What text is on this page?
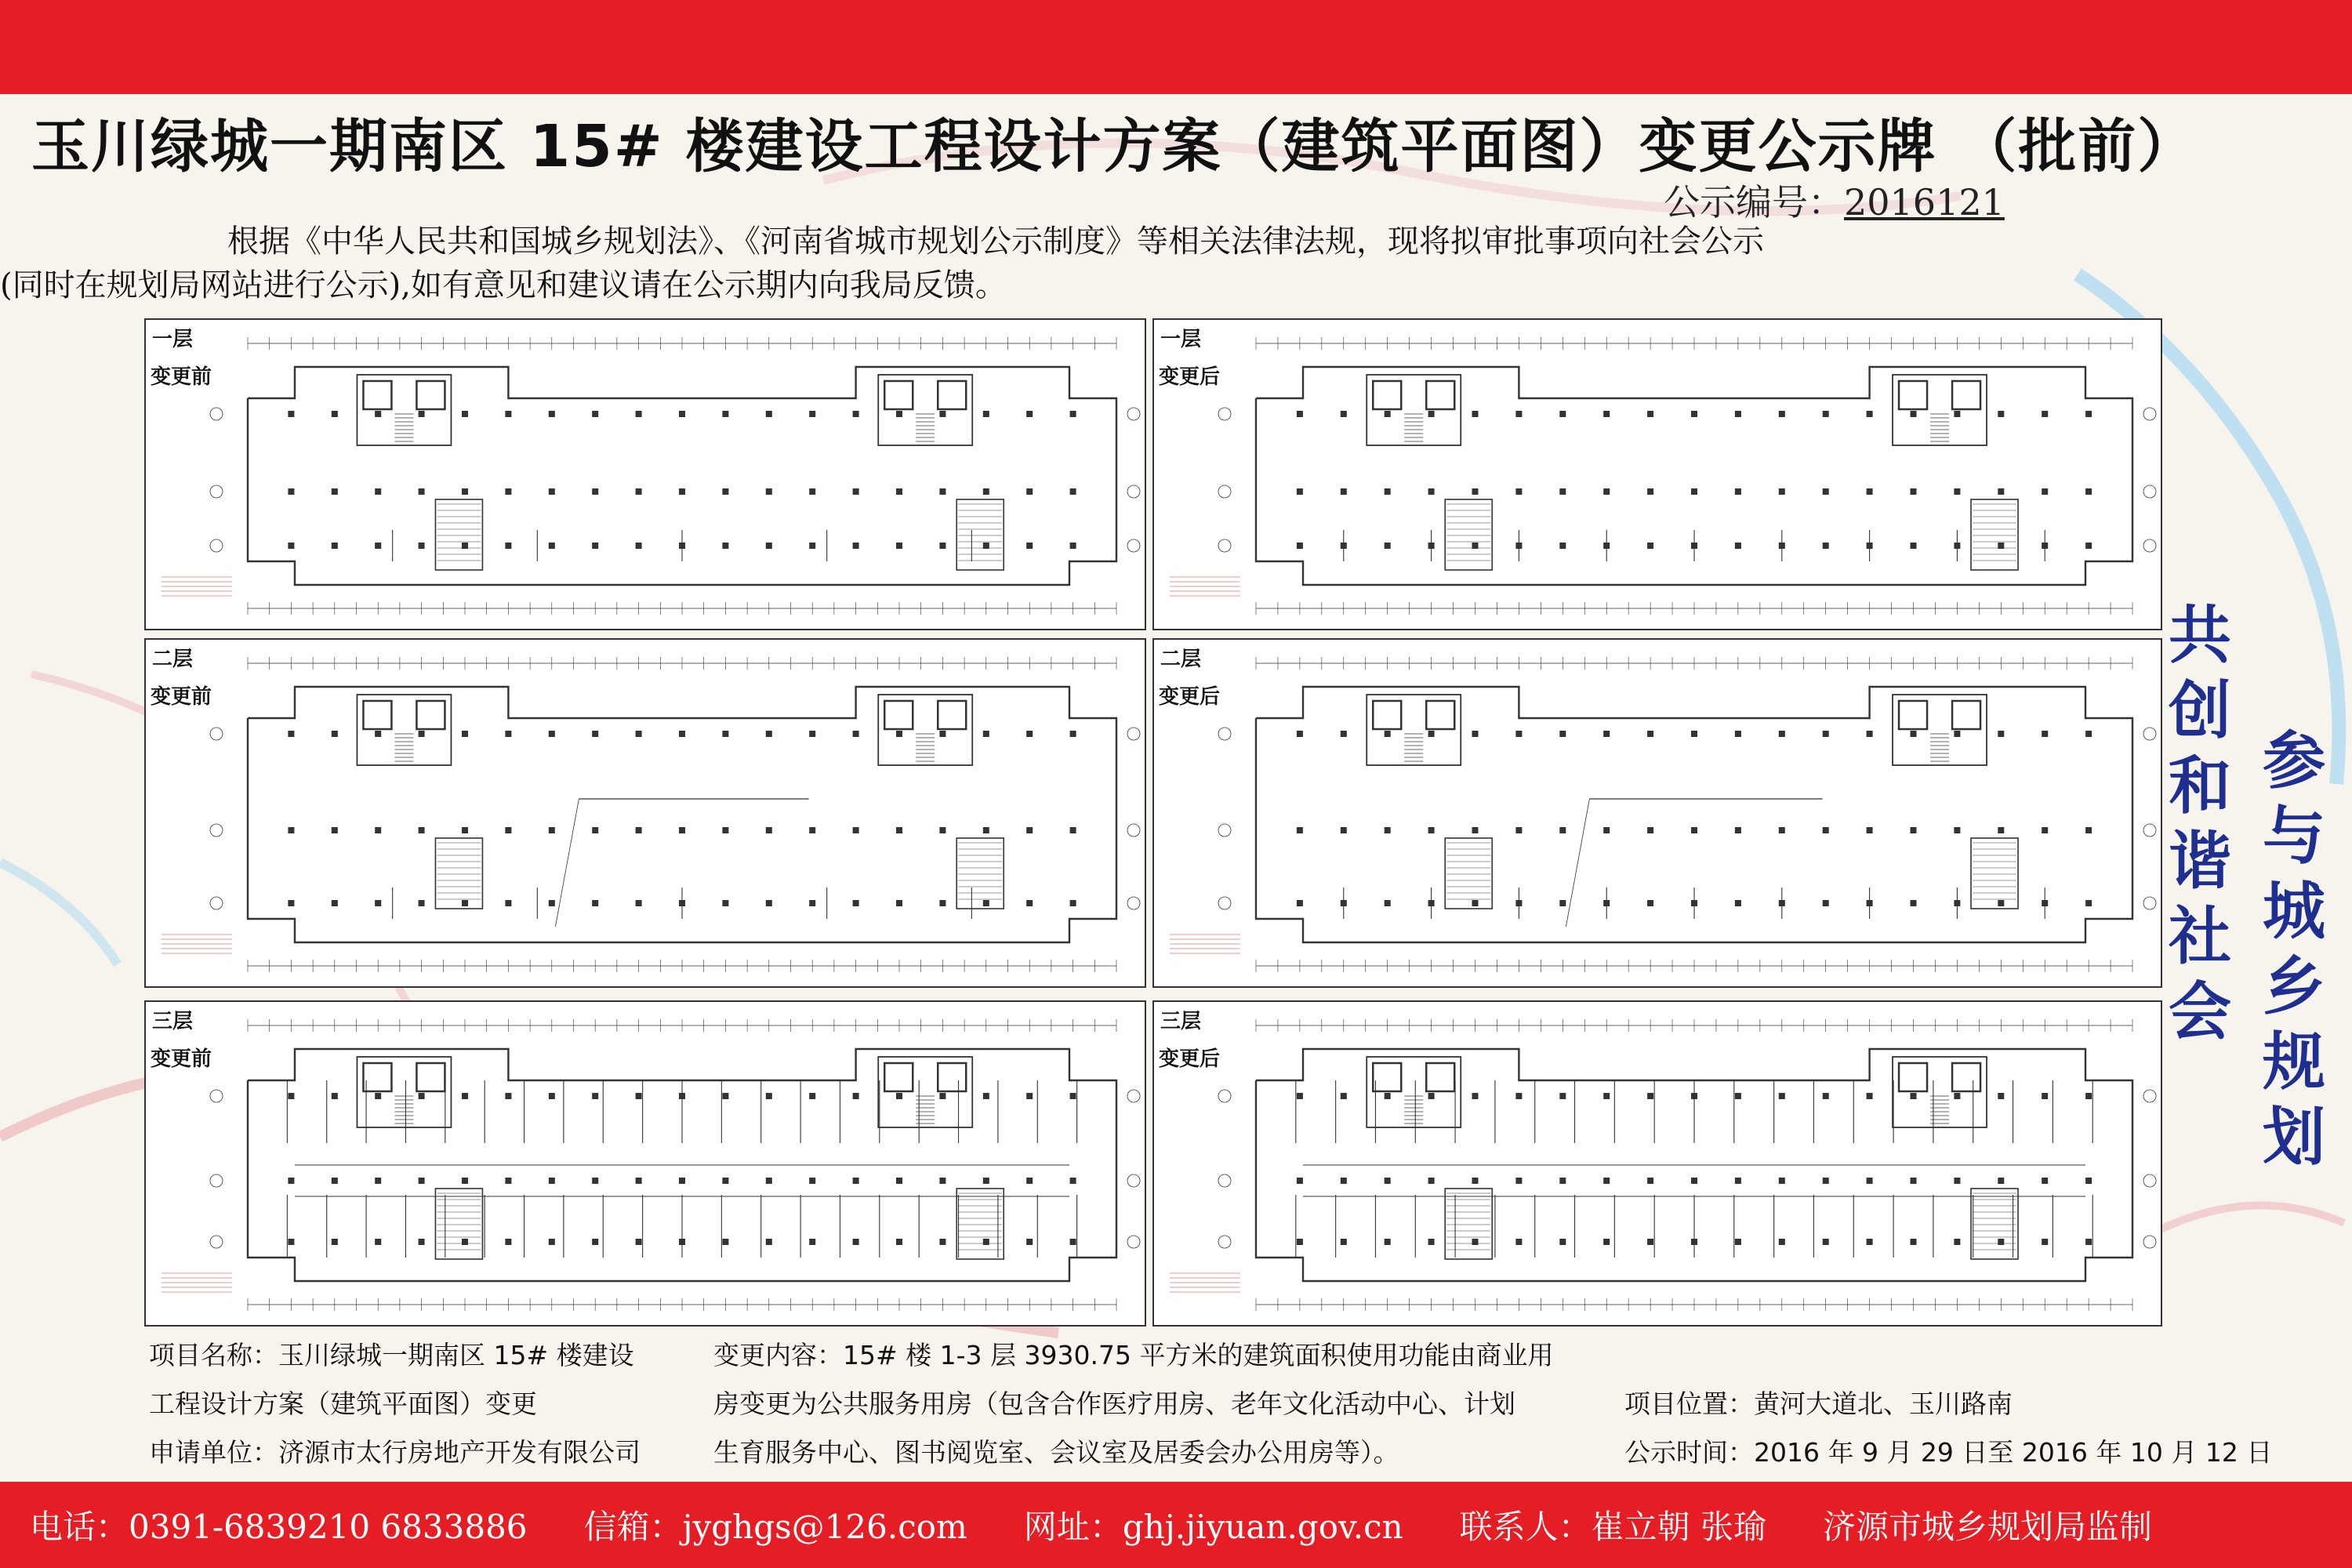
玉川绿城一期南区 15# 楼建设工程设计方案（建筑平面图）变更公示牌 （批前）
公示编号：2016121
根据《中华人民共和国城乡规划法》、《河南省城市规划公示制度》等相关法律法规，现将拟审批事项向社会公示
(同时在规划局网站进行公示),如有意见和建议请在公示期内向我局反馈。
一层
变更前
一层
变更后
二层
变更前
二层
变更后
三层
变更前
三层
变更后
共
创
和
谐
社
会
参
与
城
乡
规
划
项目名称：玉川绿城一期南区 15# 楼建设
工程设计方案（建筑平面图）变更
申请单位：济源市太行房地产开发有限公司
变更内容：15# 楼 1-3 层 3930.75 平方米的建筑面积使用功能由商业用
房变更为公共服务用房（包含合作医疗用房、老年文化活动中心、计划
生育服务中心、图书阅览室、会议室及居委会办公用房等）。
项目位置：黄河大道北、玉川路南
公示时间：2016 年 9 月 29 日至 2016 年 10 月 12 日
电话：0391-6839210 6833886 信箱：jyghgs@126.com 网址：ghj.jiyuan.gov.cn 联系人：崔立朝 张瑜 济源市城乡规划局监制
